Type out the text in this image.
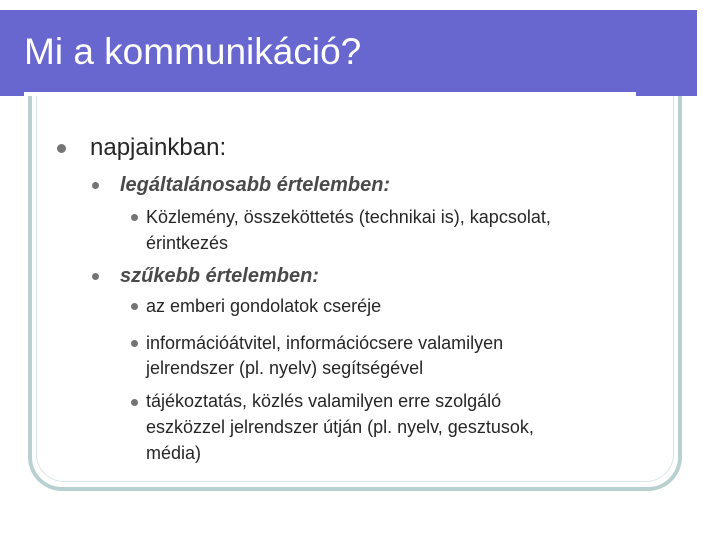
Mi a kommunikáció?
napjainkban:
legáltalánosabb értelemben:
Közlemény, összeköttetés (technikai is), kapcsolat,
érintkezés
szűkebb értelemben:
az emberi gondolatok cseréje
információátvitel, információcsere valamilyen
jelrendszer (pl. nyelv) segítségével
tájékoztatás, közlés valamilyen erre szolgáló
eszközzel jelrendszer útján (pl. nyelv, gesztusok,
média)
